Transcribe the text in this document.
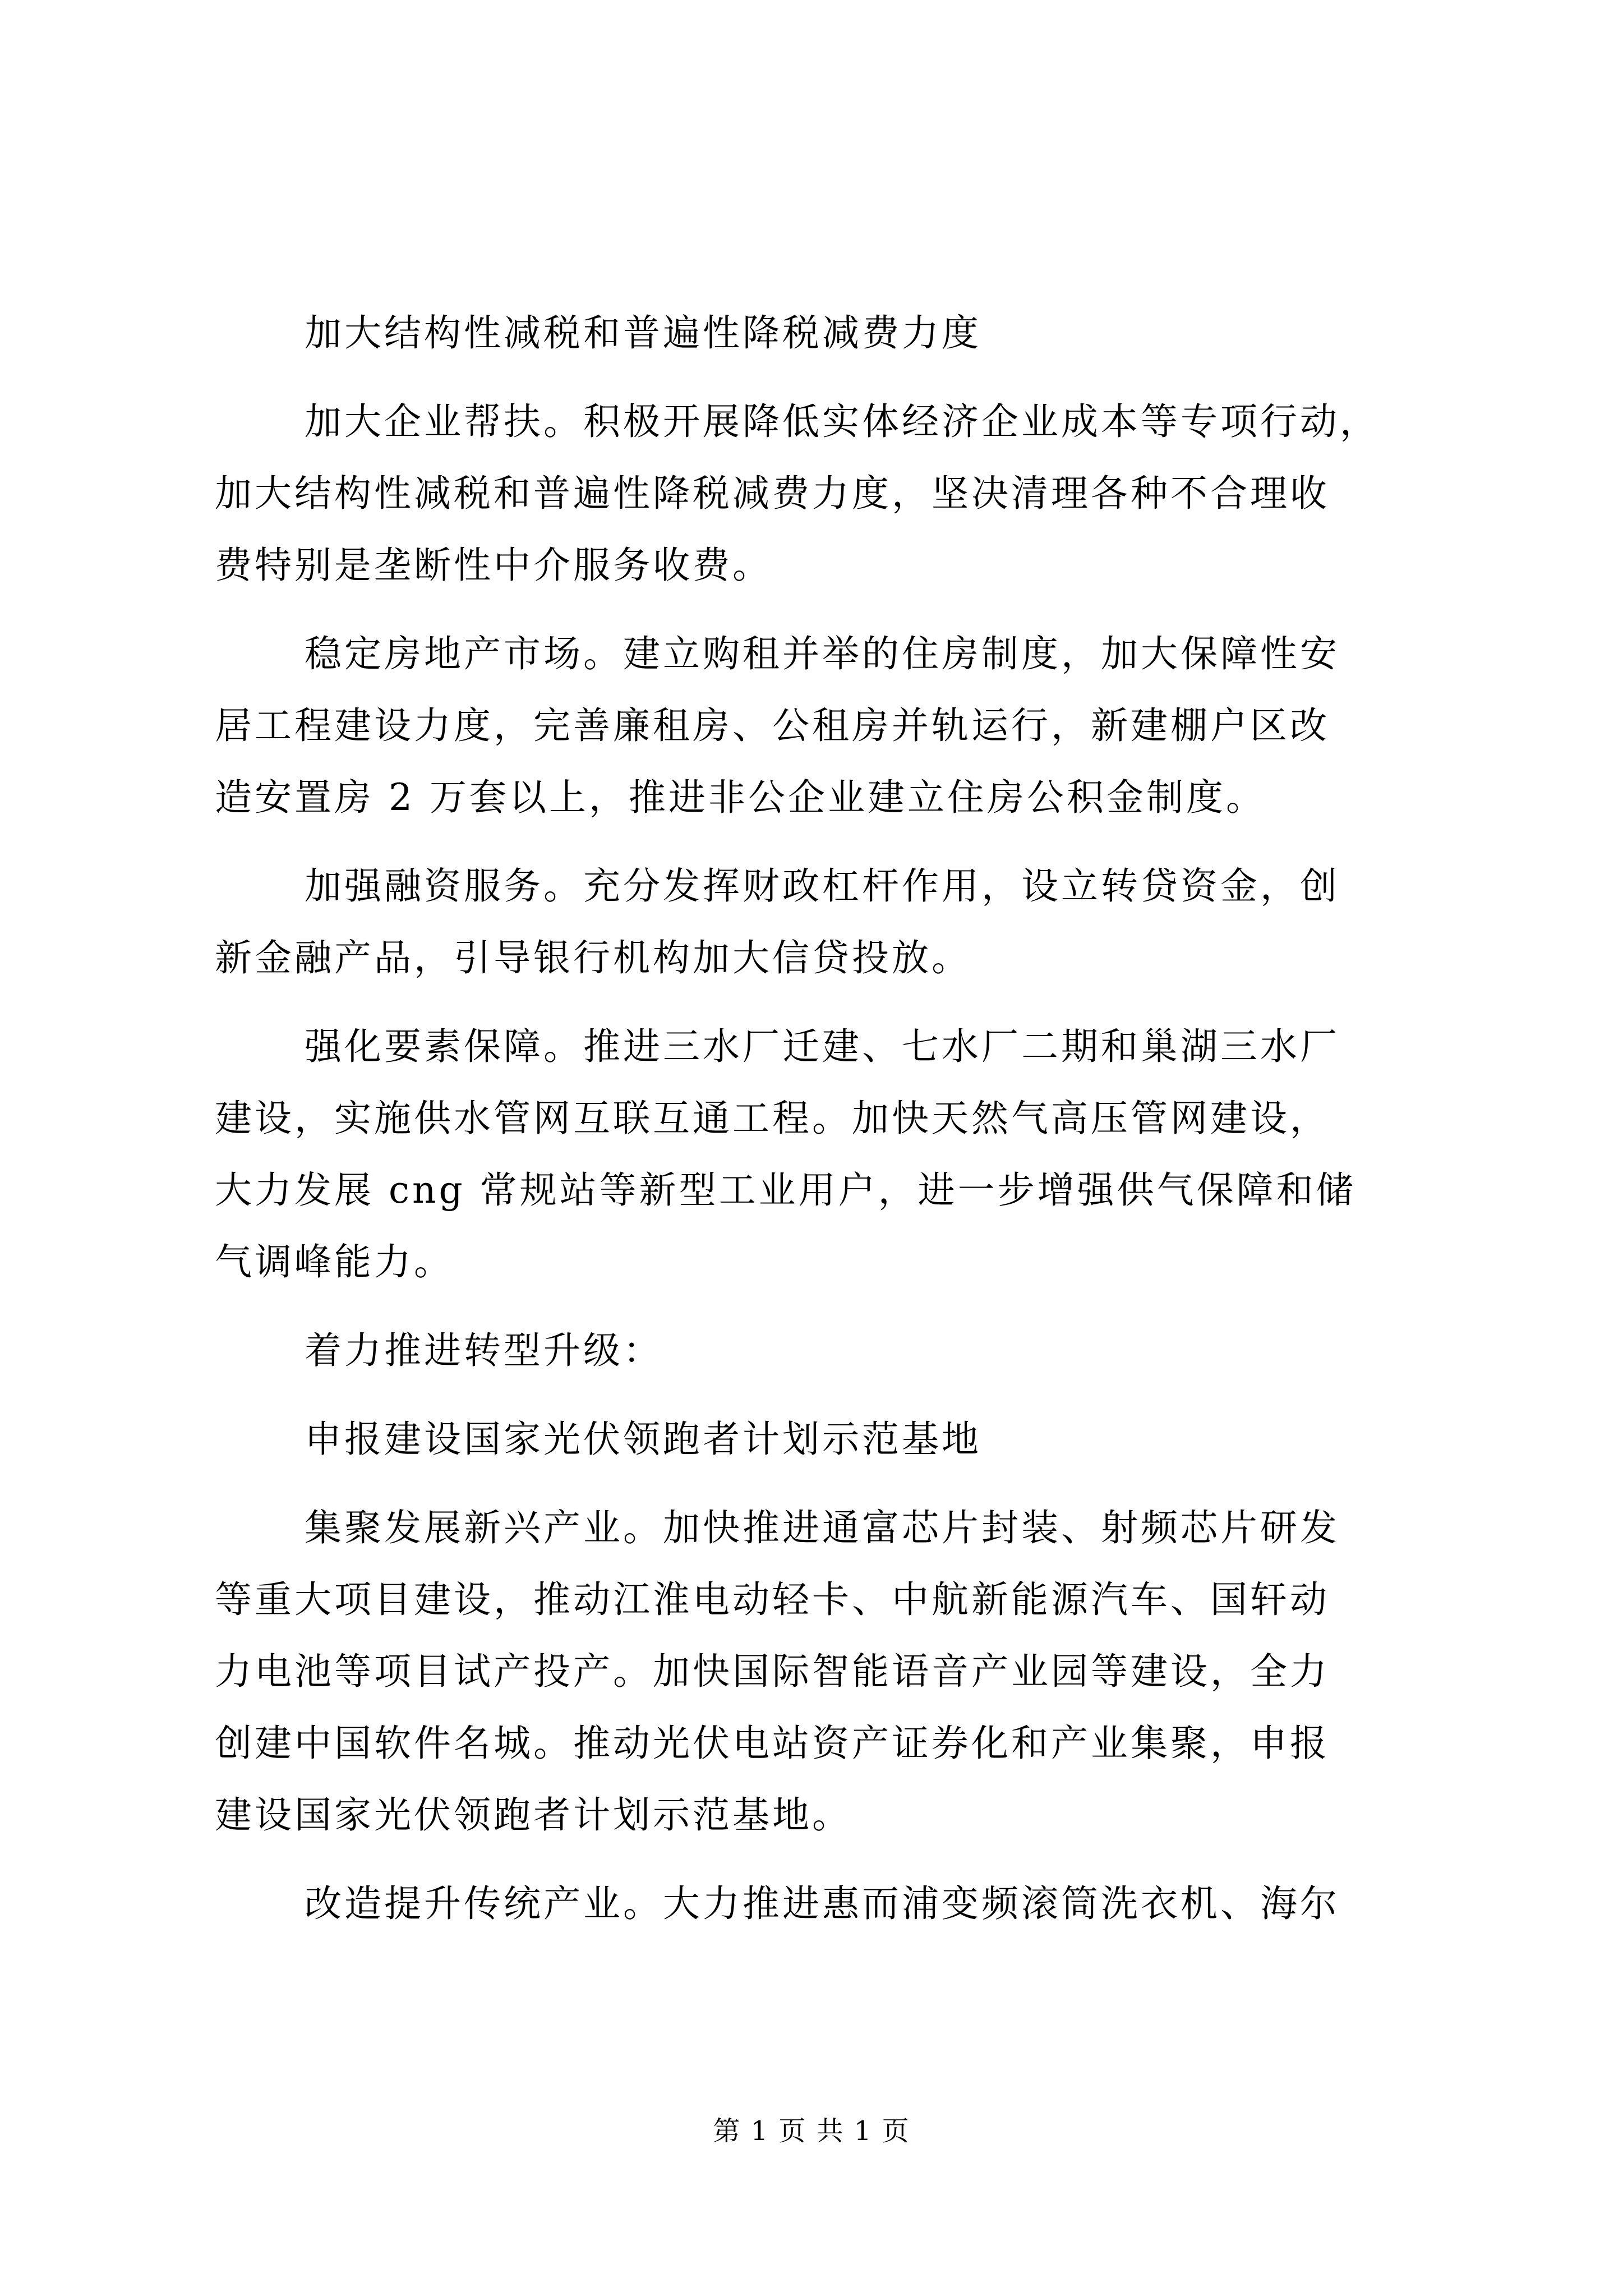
加大结构性减税和普遍性降税减费力度

加大企业帮扶。积极开展降低实体经济企业成本等专项行动，
加大结构性减税和普遍性降税减费力度，坚决清理各种不合理收
费特别是垄断性中介服务收费。

稳定房地产市场。建立购租并举的住房制度，加大保障性安
居工程建设力度，完善廉租房、公租房并轨运行，新建棚户区改
造安置房 2 万套以上，推进非公企业建立住房公积金制度。

加强融资服务。充分发挥财政杠杆作用，设立转贷资金，创
新金融产品，引导银行机构加大信贷投放。

强化要素保障。推进三水厂迁建、七水厂二期和巢湖三水厂
建设，实施供水管网互联互通工程。加快天然气高压管网建设，
大力发展 cng 常规站等新型工业用户，进一步增强供气保障和储
气调峰能力。

着力推进转型升级：

申报建设国家光伏领跑者计划示范基地

集聚发展新兴产业。加快推进通富芯片封装、射频芯片研发
等重大项目建设，推动江淮电动轻卡、中航新能源汽车、国轩动
力电池等项目试产投产。加快国际智能语音产业园等建设，全力
创建中国软件名城。推动光伏电站资产证券化和产业集聚，申报
建设国家光伏领跑者计划示范基地。

改造提升传统产业。大力推进惠而浦变频滚筒洗衣机、海尔

第 1 页 共 1 页
